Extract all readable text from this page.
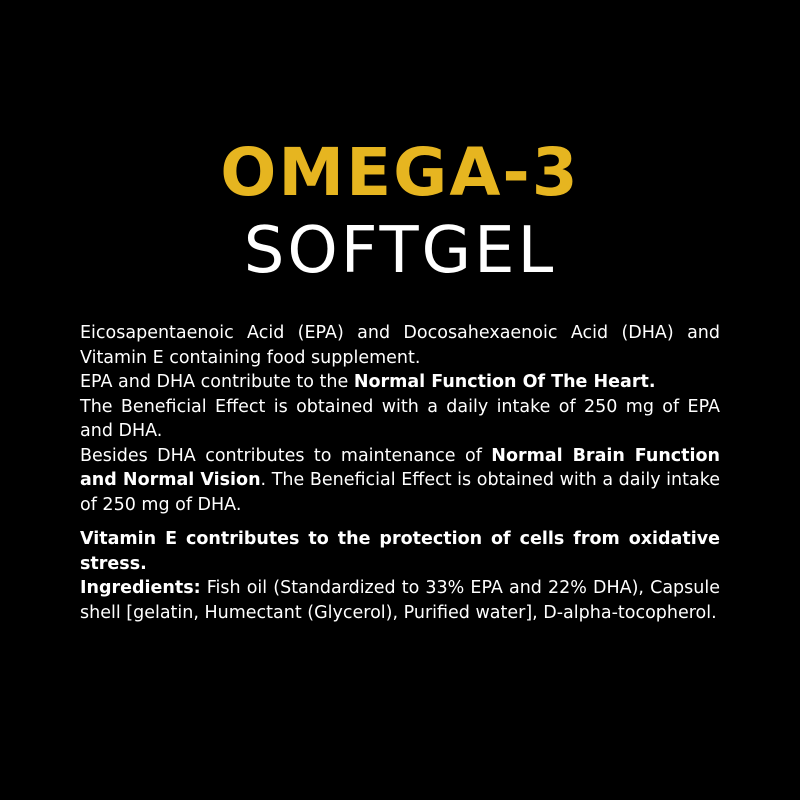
OMEGA-3
SOFTGEL

Eicosapentaenoic Acid (EPA) and Docosahexaenoic Acid (DHA) and Vitamin E containing food supplement.

EPA and DHA contribute to the Normal Function Of The Heart.

The Beneficial Effect is obtained with a daily intake of 250 mg of EPA and DHA.

Besides DHA contributes to maintenance of Normal Brain Function and Normal Vision. The Beneficial Effect is obtained with a daily intake of 250 mg of DHA.

Vitamin E contributes to the protection of cells from oxidative stress.

Ingredients: Fish oil (Standardized to 33% EPA and 22% DHA), Capsule shell [gelatin, Humectant (Glycerol), Purified water], D-alpha-tocopherol.
